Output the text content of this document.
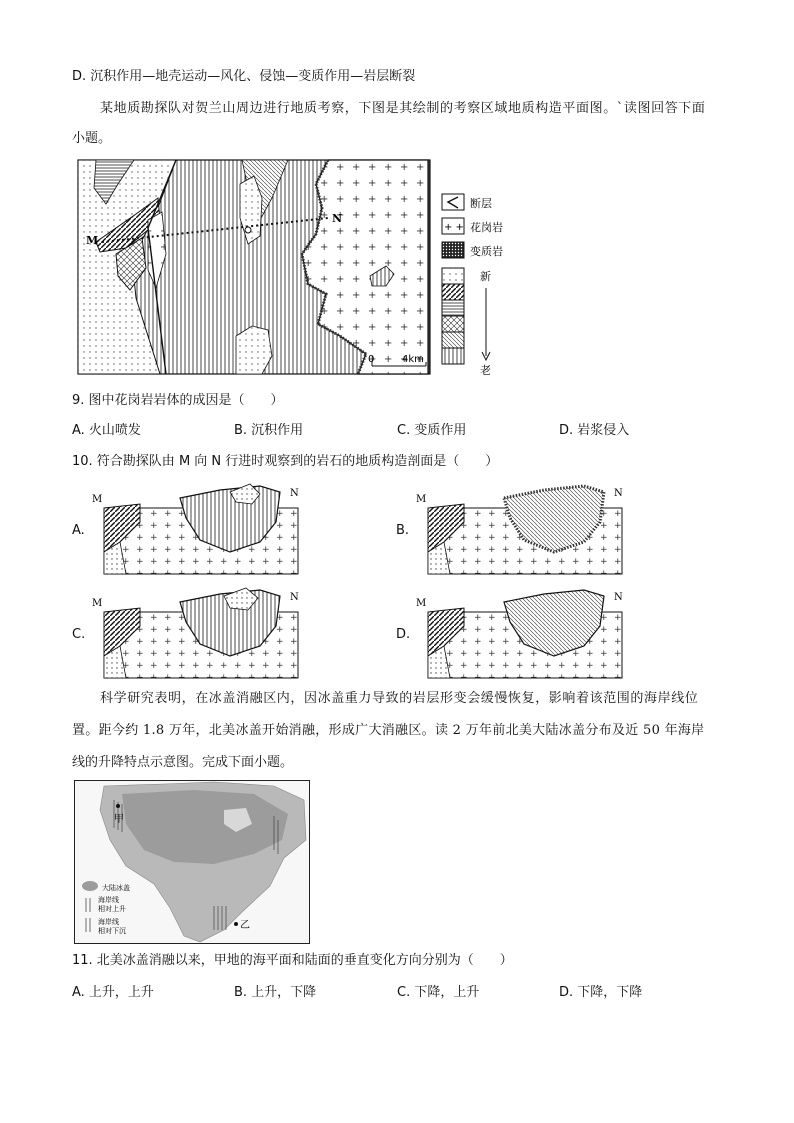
D. 沉积作用—地壳运动—风化、侵蚀—变质作用—岩层断裂
某地质勘探队对贺兰山周边进行地质考察，下图是其绘制的考察区域地质构造平面图。`读图回答下面
小题。
M
N
0	4km
断层
+ + 花岗岩
变质岩
新
老
9. 图中花岗岩岩体的成因是（　　）
A. 火山喷发	B. 沉积作用	C. 变质作用	D. 岩浆侵入
10. 符合勘探队由 M 向 N 行进时观察到的岩石的地质构造剖面是（　　）
A.	B.
C.	D.
M
N
M
N
M
N
M
N
科学研究表明，在冰盖消融区内，因冰盖重力导致的岩层形变会缓慢恢复，影响着该范围的海岸线位
置。距今约 1.8 万年，北美冰盖开始消融，形成广大消融区。读 2 万年前北美大陆冰盖分布及近 50 年海岸
线的升降特点示意图。完成下面小题。
甲
乙
大陆冰盖
海岸线
相对上升
海岸线
相对下沉
11. 北美冰盖消融以来，甲地的海平面和陆面的垂直变化方向分别为（　　）
A. 上升，上升	B. 上升，下降	C. 下降，上升	D. 下降，下降
